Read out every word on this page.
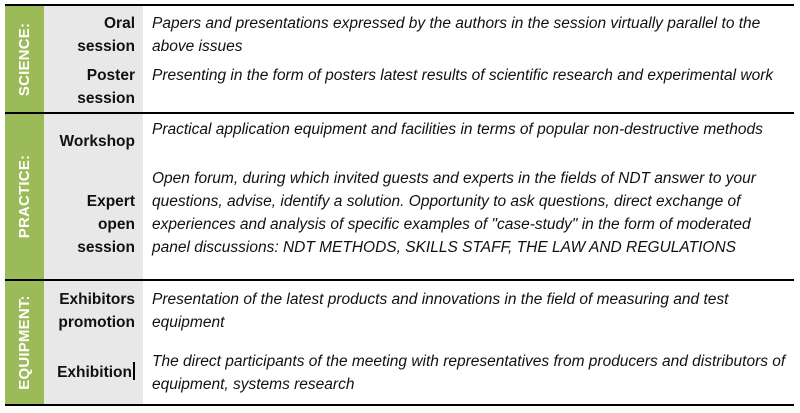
SCIENCE:	Oral
session
Poster
session
Papers and presentations expressed by the authors in the session virtually parallel to the above issues
Presenting in the form of posters latest results of scientific research and experimental work
PRACTICE:
Workshop
Expert
open
session
Practical application equipment and facilities in terms of popular non-destructive methods
Open forum, during which invited guests and experts in the fields of NDT answer to your questions, advise, identify a solution. Opportunity to ask questions, direct exchange of experiences and analysis of specific examples of "case-study" in the form of moderated panel discussions: NDT METHODS, SKILLS STAFF, THE LAW AND REGULATIONS
EQUIPMENT: Exhibitors
promotion
Exhibition
Presentation of the latest products and innovations in the field of measuring and test equipment
The direct participants of the meeting with representatives from producers and distributors of equipment, systems research
